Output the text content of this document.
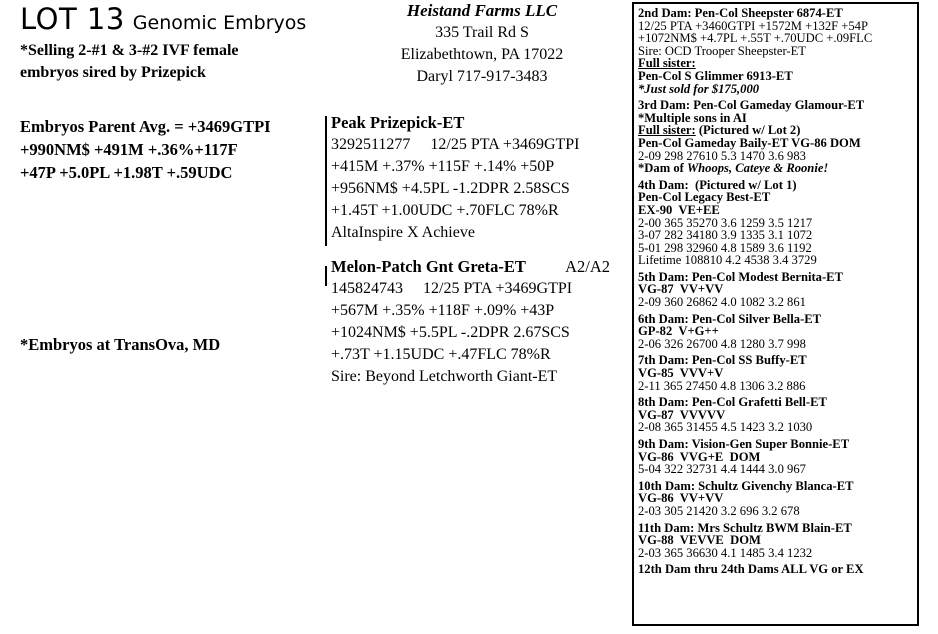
LOT 13 Genomic Embryos
*Selling 2-#1 & 3-#2 IVF female
embryos sired by Prizepick
Embryos Parent Avg. = +3469GTPI
+990NM$ +491M +.36%+117F
+47P +5.0PL +1.98T +.59UDC
*Embryos at TransOva, MD
Heistand Farms LLC
335 Trail Rd S
Elizabethtown, PA 17022
Daryl 717-917-3483
Peak Prizepick-ET
3292511277     12/25 PTA +3469GTPI
+415M +.37% +115F +.14% +50P
+956NM$ +4.5PL -1.2DPR 2.58SCS
+1.45T +1.00UDC +.70FLC 78%R
AltaInspire X Achieve
Melon-Patch Gnt Greta-ET A2/A2
145824743     12/25 PTA +3469GTPI
+567M +.35% +118F +.09% +43P
+1024NM$ +5.5PL -.2DPR 2.67SCS
+.73T +1.15UDC +.47FLC 78%R
Sire: Beyond Letchworth Giant-ET
2nd Dam: Pen-Col Sheepster 6874-ET
12/25 PTA +3460GTPI +1572M +132F +54P
+1072NM$ +4.7PL +.55T +.70UDC +.09FLC
Sire: OCD Trooper Sheepster-ET
Full sister:
Pen-Col S Glimmer 6913-ET
*Just sold for $175,000
3rd Dam: Pen-Col Gameday Glamour-ET
*Multiple sons in AI
Full sister: (Pictured w/ Lot 2)
Pen-Col Gameday Baily-ET VG-86 DOM
2-09 298 27610 5.3 1470 3.6 983
*Dam of Whoops, Cateye & Roonie!
4th Dam:  (Pictured w/ Lot 1)
Pen-Col Legacy Best-ET
EX-90  VE+EE
2-00 365 35270 3.6 1259 3.5 1217
3-07 282 34180 3.9 1335 3.1 1072
5-01 298 32960 4.8 1589 3.6 1192
Lifetime 108810 4.2 4538 3.4 3729
5th Dam: Pen-Col Modest Bernita-ET
VG-87  VV+VV
2-09 360 26862 4.0 1082 3.2 861
6th Dam: Pen-Col Silver Bella-ET
GP-82  V+G++
2-06 326 26700 4.8 1280 3.7 998
7th Dam: Pen-Col SS Buffy-ET
VG-85  VVV+V
2-11 365 27450 4.8 1306 3.2 886
8th Dam: Pen-Col Grafetti Bell-ET
VG-87  VVVVV
2-08 365 31455 4.5 1423 3.2 1030
9th Dam: Vision-Gen Super Bonnie-ET
VG-86  VVG+E  DOM
5-04 322 32731 4.4 1444 3.0 967
10th Dam: Schultz Givenchy Blanca-ET
VG-86  VV+VV
2-03 305 21420 3.2 696 3.2 678
11th Dam: Mrs Schultz BWM Blain-ET
VG-88  VEVVE  DOM
2-03 365 36630 4.1 1485 3.4 1232
12th Dam thru 24th Dams ALL VG or EX
